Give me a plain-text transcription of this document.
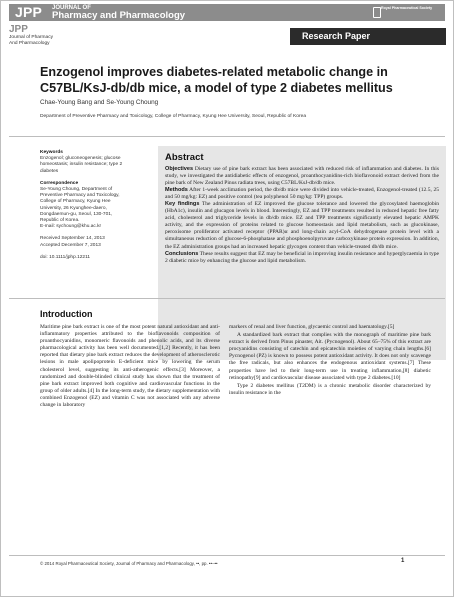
JPP JOURNAL OF
Pharmacy and Pharmacology
Royal Pharmaceutical Society
JPP
Journal of Pharmacy
And Pharmacology
Research Paper
Enzogenol improves diabetes-related metabolic change in C57BL/KsJ-db/db mice, a model of type 2 diabetes mellitus
Chae-Young Bang and Se-Young Choung
Department of Preventive Pharmacy and Toxicology, College of Pharmacy, Kyung Hee University, Seoul, Republic of Korea
Keywords
Enzogenol; gluconeogenesis; glucose homeostasis; insulin resistance; type 2 diabetes
Correspondence
Se-Young Choung, Department of Preventive Pharmacy and Toxicology, College of Pharmacy, Kyung Hee University, 26 Kyunghee-daero, Dongdaemun-gu, Seoul, 130-701, Republic of Korea.
E-mail: sychoung@khu.ac.kr
Received September 14, 2013
Accepted December 7, 2013
doi: 10.1111/jphp.12211
Abstract
Objectives Dietary use of pine bark extract has been associated with reduced risk of inflammation and diabetes. In this study, we investigated the antidiabetic effects of enzogenol, proanthocyanidins-rich bioflavonoid extract derived from the pine bark of New Zealand Pinus radiata trees, using C57BL/KsJ-db/db mice.
Methods After 1-week acclimation period, the db/db mice were divided into vehicle-treated, Enzogenol-treated (12.5, 25 and 50 mg/kg: EZ) and positive control (tea polyphenol 50 mg/kg: TPP) groups.
Key findings The administration of EZ improved the glucose tolerance and lowered the glycosylated haemoglobin (HbA1c), insulin and glucagon levels in blood. Interestingly, EZ and TPP treatments resulted in reduced hepatic free fatty acid, cholesterol and triglyceride levels in db/db mice. EZ and TPP treatments significantly elevated hepatic AMPK activity, and the expression of proteins related to glucose homeostasis and lipid metabolism, such as glucokinase, peroxisome proliferator activated receptor (PPAR)α and long-chain acyl-CoA dehydrogenase protein level with a simultaneous reduction of glucose-6-phosphatase and phosphoenolpyruvate carboxykinase protein expression. In addition, the EZ administration groups had an increased hepatic glycogen content than vehicle-treated db/db mice.
Conclusions These results suggest that EZ may be beneficial in improving insulin resistance and hyperglycaemia in type 2 diabetic mice by enhancing the glucose and lipid metabolism.
Introduction

Maritime pine bark extract is one of the most potent natural antioxidant and anti-inflammatory properties attributed to the bioflavonoids composition of proanthocyanidins, monomeric flavonoids and phenolic acids, and its diverse pharmacological activity has been well documented.[1,2] Recently, it has been reported that dietary pine bark extract reduces the development of atherosclerotic lesions in male apolipoprotein E-deficient mice by lowering the serum cholesterol level, suggesting its anti-atherogenic effects.[3] Moreover, a randomized and double-blinded clinical study has shown that the treatment of pine bark extract improved both cognitive and cardiovascular functions in the group of older adults.[4] In the long-term study, the dietary supplementation with combined Enzogenol (EZ) and vitamin C was not associated with any adverse change in laboratory

markers of renal and liver function, glycaemic control and haematology.[5]

A standardized bark extract that complies with the monograph of maritime pine bark extract is derived from Pinus pinaster, Ait. (Pycnogenol). About 65–75% of this extract are procyanidins consisting of catechin and epicatechin moieties of varying chain lengths.[6] Pycnogenol (PZ) is known to possess potent antioxidant activity. It does not only scavenge the free radicals, but also enhances the endogenous antioxidant systems.[7] These properties have led to their long-term use in treating inflammation,[8] diabetic retinopathy[9] and cardiovascular disease associated with type 2 diabetes.[10]

Type 2 diabetes mellitus (T2DM) is a chronic metabolic disorder characterized by insulin resistance in the

© 2014 Royal Pharmaceutical Society, Journal of Pharmacy and Pharmacology, ••, pp. ••–••	1
